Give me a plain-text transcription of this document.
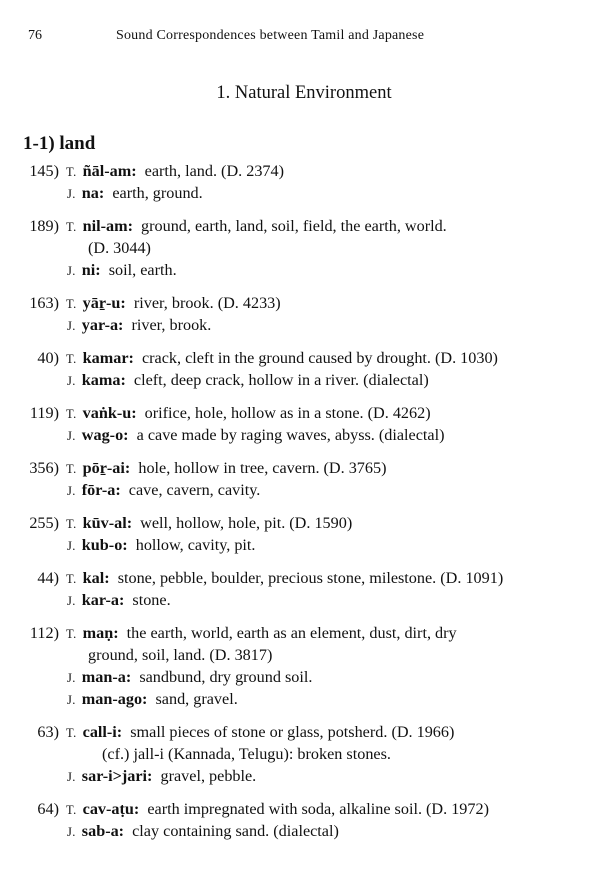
76	Sound Correspondences between Tamil and Japanese
1. Natural Environment
1-1) land
145) T. ñāl-am: earth, land. (D. 2374)
J. na: earth, ground.
189) T. nil-am: ground, earth, land, soil, field, the earth, world.
(D. 3044)
J. ni: soil, earth.
163) T. yāṟ-u: river, brook. (D. 4233)
J. yar-a: river, brook.
40) T. kamar: crack, cleft in the ground caused by drought. (D. 1030)
J. kama: cleft, deep crack, hollow in a river. (dialectal)
119) T. vaṅk-u: orifice, hole, hollow as in a stone. (D. 4262)
J. wag-o: a cave made by raging waves, abyss. (dialectal)
356) T. pōṟ-ai: hole, hollow in tree, cavern. (D. 3765)
J. fōr-a: cave, cavern, cavity.
255) T. kūv-al: well, hollow, hole, pit. (D. 1590)
J. kub-o: hollow, cavity, pit.
44) T. kal: stone, pebble, boulder, precious stone, milestone. (D. 1091)
J. kar-a: stone.
112) T. maṇ: the earth, world, earth as an element, dust, dirt, dry
ground, soil, land. (D. 3817)
J. man-a: sandbund, dry ground soil.
J. man-ago: sand, gravel.
63) T. call-i: small pieces of stone or glass, potsherd. (D. 1966)
(cf.) jall-i (Kannada, Telugu): broken stones.
J. sar-i>jari: gravel, pebble.
64) T. cav-aṭu: earth impregnated with soda, alkaline soil. (D. 1972)
J. sab-a: clay containing sand. (dialectal)
